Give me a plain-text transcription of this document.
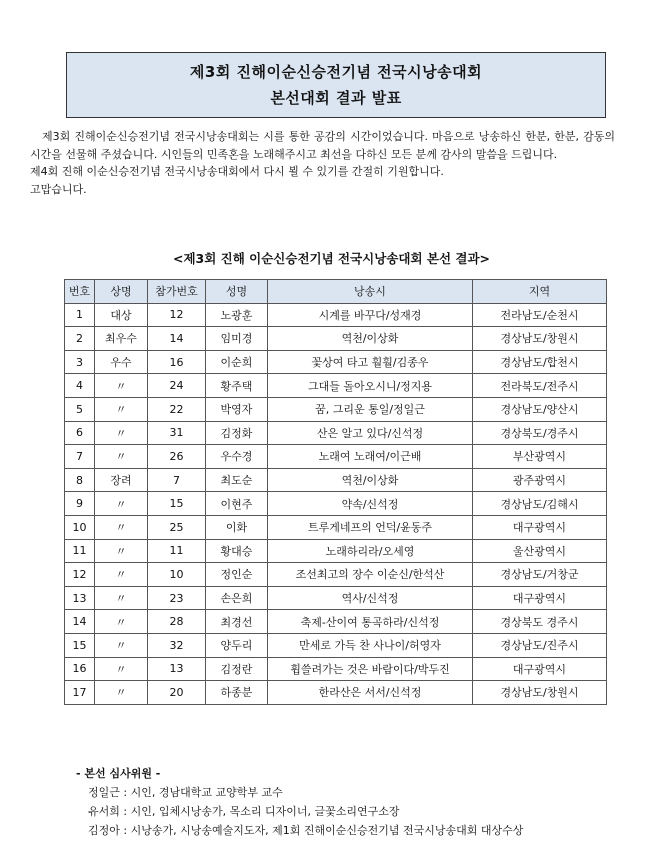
제3회 진해이순신승전기념 전국시낭송대회
본선대회 결과 발표

제3회 진해이순신승전기념 전국시낭송대회는 시를 통한 공감의 시간이었습니다. 마음으로 낭송하신 한분, 한분, 감동의 시간을 선물해 주셨습니다. 시인들의 민족혼을 노래해주시고 최선을 다하신 모든 분께 감사의 말씀을 드립니다.

제4회 진해 이순신승전기념 전국시낭송대회에서 다시 뵐 수 있기를 간절히 기원합니다.

고맙습니다.

<제3회 진해 이순신승전기념 전국시낭송대회 본선 결과>
번호	상명	참가번호	성명	낭송시	지역
1	대상	12	노광훈	시계를 바꾸다/성재경	전라남도/순천시
2	최우수	14	임미경	역천/이상화	경상남도/창원시
3	우수	16	이순희	꽃상여 타고 훨훨/김종우	경상남도/합천시
4	〃	24	황주택	그대들 돌아오시니/정지용	전라북도/전주시
5	〃	22	박영자	꿈, 그리운 통일/정일근	경상남도/양산시
6	〃	31	김정화	산은 알고 있다/신석정	경상북도/경주시
7	〃	26	우수경	노래여 노래여/이근배	부산광역시
8	장려	7	최도순	역천/이상화	광주광역시
9	〃	15	이현주	약속/신석정	경상남도/김해시
10	〃	25	이화	트루게네프의 언덕/윤동주	대구광역시
11	〃	11	황대승	노래하리라/오세영	울산광역시
12	〃	10	정인순	조선최고의 장수 이순신/한석산	경상남도/거창군
13	〃	23	손은희	역사/신석정	대구광역시
14	〃	28	최경선	축제-산이여 통곡하라/신석정	경상북도 경주시
15	〃	32	양두리	만세로 가득 찬 사나이/허영자	경상남도/진주시
16	〃	13	김정란	휩쓸려가는 것은 바람이다/박두진	대구광역시
17	〃	20	하종분	한라산은 서서/신석정	경상남도/창원시
- 본선 심사위원 -
정일근 : 시인, 경남대학교 교양학부 교수
유서희 : 시인, 입체시낭송가, 목소리 디자이너, 글꽃소리연구소장
김정아 : 시낭송가, 시낭송예술지도자, 제1회 진해이순신승전기념 전국시낭송대회 대상수상
